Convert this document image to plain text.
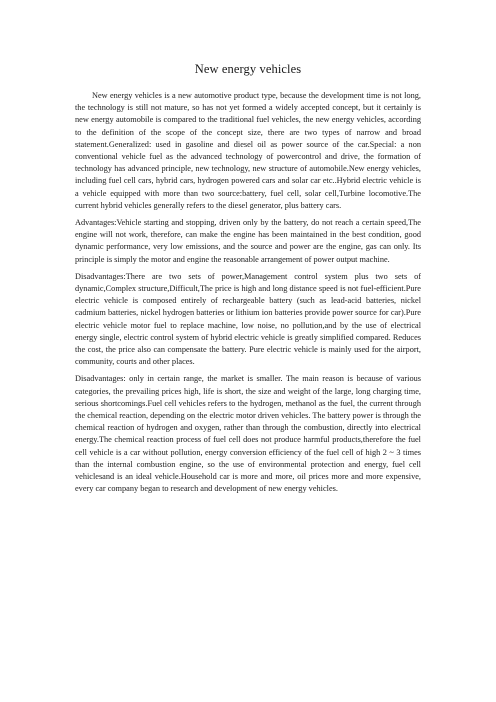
New energy vehicles

New energy vehicles is a new automotive product type, because the development time is not long, the technology is still not mature, so has not yet formed a widely accepted concept, but it certainly is new energy automobile is compared to the traditional fuel vehicles, the new energy vehicles, according to the definition of the scope of the concept size, there are two types of narrow and broad statement.Generalized: used in gasoline and diesel oil as power source of the car.Special: a non conventional vehicle fuel as the advanced technology of powercontrol and drive, the formation of technology has advanced principle, new technology, new structure of automobile.New energy vehicles, including fuel cell cars, hybrid cars, hydrogen powered cars and solar car etc..Hybrid electric vehicle is a vehicle equipped with more than two source:battery, fuel cell, solar cell,Turbine locomotive.The current hybrid vehicles generally refers to the diesel generator, plus battery cars.

Advantages:Vehicle starting and stopping, driven only by the battery, do not reach a certain speed,The engine will not work, therefore, can make the engine has been maintained in the best condition, good dynamic performance, very low emissions, and the source and power are the engine, gas can only. Its principle is simply the motor and engine the reasonable arrangement of power output machine.

Disadvantages:There are two sets of power,Management control system plus two sets of dynamic,Complex structure,Difficult,The price is high and long distance speed is not fuel-efficient.Pure electric vehicle is composed entirely of rechargeable battery (such as lead-acid batteries, nickel cadmium batteries, nickel hydrogen batteries or lithium ion batteries provide power source for car).Pure electric vehicle motor fuel to replace machine, low noise, no pollution,and by the use of electrical energy single, electric control system of hybrid electric vehicle is greatly simplified compared. Reduces the cost, the price also can compensate the battery. Pure electric vehicle is mainly used for the airport, community, courts and other places.

Disadvantages: only in certain range, the market is smaller. The main reason is because of various categories, the prevailing prices high, life is short, the size and weight of the large, long charging time, serious shortcomings.Fuel cell vehicles refers to the hydrogen, methanol as the fuel, the current through the chemical reaction, depending on the electric motor driven vehicles. The battery power is through the chemical reaction of hydrogen and oxygen, rather than through the combustion, directly into electrical energy.The chemical reaction process of fuel cell does not produce harmful products,therefore the fuel cell vehicle is a car without pollution, energy conversion efficiency of the fuel cell of high 2 ~ 3 times than the internal combustion engine, so the use of environmental protection and energy, fuel cell vehiclesand is an ideal vehicle.Household car is more and more, oil prices more and more expensive, every car company began to research and development of new energy vehicles.
